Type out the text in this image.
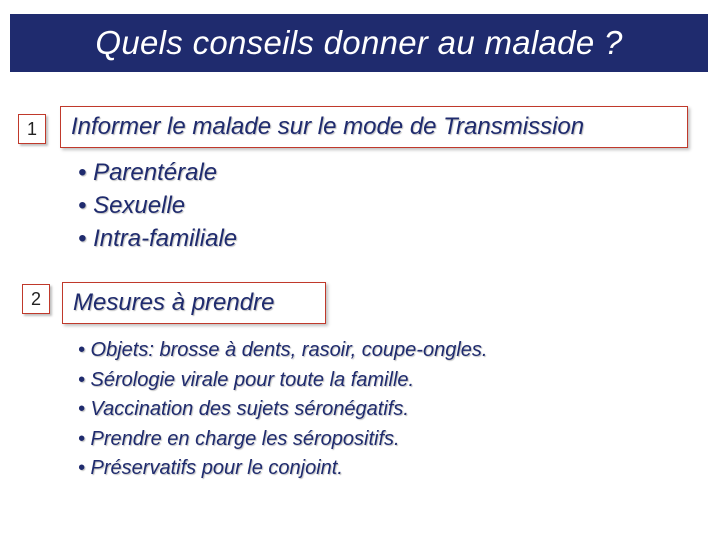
Quels conseils donner au malade ?
1	Informer le malade sur le mode de Transmission
• Parentérale
• Sexuelle
• Intra-familiale
2	Mesures à prendre
• Objets: brosse à dents, rasoir, coupe-ongles.
• Sérologie virale pour toute la famille.
• Vaccination des sujets séronégatifs.
• Prendre en charge les séropositifs.
• Préservatifs pour le conjoint.
